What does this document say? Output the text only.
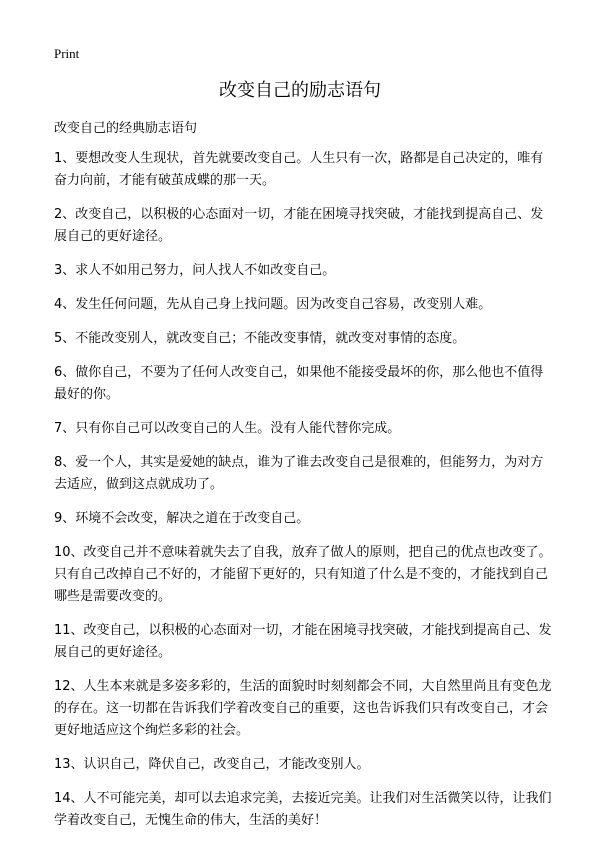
Print
改变自己的励志语句

改变自己的经典励志语句

1、要想改变人生现状，首先就要改变自己。人生只有一次，路都是自己决定的，唯有奋力向前，才能有破茧成蝶的那一天。
2、改变自己，以积极的心态面对一切，才能在困境寻找突破，才能找到提高自己、发展自己的更好途径。
3、求人不如用己努力，问人找人不如改变自己。
4、发生任何问题，先从自己身上找问题。因为改变自己容易，改变别人难。
5、不能改变别人，就改变自己；不能改变事情，就改变对事情的态度。
6、做你自己，不要为了任何人改变自己，如果他不能接受最坏的你，那么他也不值得最好的你。
7、只有你自己可以改变自己的人生。没有人能代替你完成。
8、爱一个人，其实是爱她的缺点，谁为了谁去改变自己是很难的，但能努力，为对方去适应，做到这点就成功了。
9、环境不会改变，解决之道在于改变自己。
10、改变自己并不意味着就失去了自我，放弃了做人的原则，把自己的优点也改变了。只有自己改掉自己不好的，才能留下更好的，只有知道了什么是不变的，才能找到自己哪些是需要改变的。
11、改变自己，以积极的心态面对一切，才能在困境寻找突破，才能找到提高自己、发展自己的更好途径。
12、人生本来就是多姿多彩的，生活的面貌时时刻刻都会不同，大自然里尚且有变色龙的存在。这一切都在告诉我们学着改变自己的重要，这也告诉我们只有改变自己，才会更好地适应这个绚烂多彩的社会。
13、认识自己，降伏自己，改变自己，才能改变别人。
14、人不可能完美，却可以去追求完美，去接近完美。让我们对生活微笑以待，让我们学着改变自己，无愧生命的伟大，生活的美好！
